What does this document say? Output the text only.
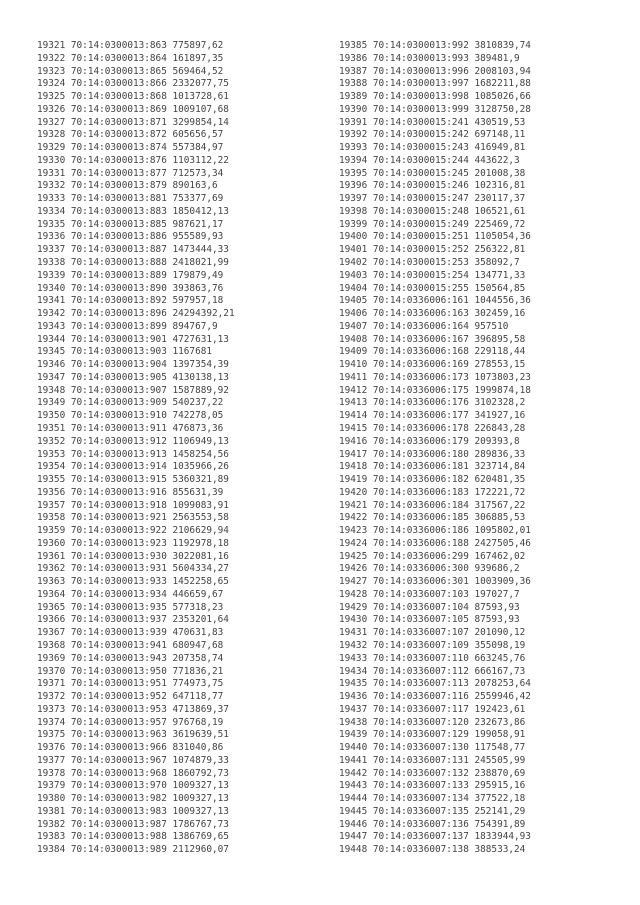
19321 70:14:0300013:863 775897,62
19322 70:14:0300013:864 161897,35
19323 70:14:0300013:865 569464,52
19324 70:14:0300013:866 2332077,75
19325 70:14:0300013:868 1013728,61
19326 70:14:0300013:869 1009107,68
19327 70:14:0300013:871 3299854,14
19328 70:14:0300013:872 605656,57
19329 70:14:0300013:874 557384,97
19330 70:14:0300013:876 1103112,22
19331 70:14:0300013:877 712573,34
19332 70:14:0300013:879 890163,6
19333 70:14:0300013:881 753377,69
19334 70:14:0300013:883 1850412,13
19335 70:14:0300013:885 987621,17
19336 70:14:0300013:886 955589,93
19337 70:14:0300013:887 1473444,33
19338 70:14:0300013:888 2418021,99
19339 70:14:0300013:889 179879,49
19340 70:14:0300013:890 393863,76
19341 70:14:0300013:892 597957,18
19342 70:14:0300013:896 24294392,21
19343 70:14:0300013:899 894767,9
19344 70:14:0300013:901 4727631,13
19345 70:14:0300013:903 1167681
19346 70:14:0300013:904 1397354,39
19347 70:14:0300013:905 4130138,13
19348 70:14:0300013:907 1587889,92
19349 70:14:0300013:909 540237,22
19350 70:14:0300013:910 742278,05
19351 70:14:0300013:911 476873,36
19352 70:14:0300013:912 1106949,13
19353 70:14:0300013:913 1458254,56
19354 70:14:0300013:914 1035966,26
19355 70:14:0300013:915 5360321,89
19356 70:14:0300013:916 855631,39
19357 70:14:0300013:918 1099083,91
19358 70:14:0300013:921 2563553,58
19359 70:14:0300013:922 2106629,94
19360 70:14:0300013:923 1192978,18
19361 70:14:0300013:930 3022081,16
19362 70:14:0300013:931 5604334,27
19363 70:14:0300013:933 1452258,65
19364 70:14:0300013:934 446659,67
19365 70:14:0300013:935 577318,23
19366 70:14:0300013:937 2353201,64
19367 70:14:0300013:939 470631,83
19368 70:14:0300013:941 680947,68
19369 70:14:0300013:943 207358,74
19370 70:14:0300013:950 771836,21
19371 70:14:0300013:951 774973,75
19372 70:14:0300013:952 647118,77
19373 70:14:0300013:953 4713869,37
19374 70:14:0300013:957 976768,19
19375 70:14:0300013:963 3619639,51
19376 70:14:0300013:966 831040,86
19377 70:14:0300013:967 1074879,33
19378 70:14:0300013:968 1860792,73
19379 70:14:0300013:970 1009327,13
19380 70:14:0300013:982 1009327,13
19381 70:14:0300013:983 1009327,13
19382 70:14:0300013:987 1786767,73
19383 70:14:0300013:988 1386769,65
19384 70:14:0300013:989 2112960,07
19385 70:14:0300013:992 3810839,74
19386 70:14:0300013:993 389481,9
19387 70:14:0300013:996 2008103,94
19388 70:14:0300013:997 1682211,88
19389 70:14:0300013:998 1085026,66
19390 70:14:0300013:999 3128750,28
19391 70:14:0300015:241 430519,53
19392 70:14:0300015:242 697148,11
19393 70:14:0300015:243 416949,81
19394 70:14:0300015:244 443622,3
19395 70:14:0300015:245 201008,38
19396 70:14:0300015:246 102316,81
19397 70:14:0300015:247 230117,37
19398 70:14:0300015:248 106521,61
19399 70:14:0300015:249 225469,72
19400 70:14:0300015:251 1105054,36
19401 70:14:0300015:252 256322,81
19402 70:14:0300015:253 358092,7
19403 70:14:0300015:254 134771,33
19404 70:14:0300015:255 150564,85
19405 70:14:0336006:161 1044556,36
19406 70:14:0336006:163 302459,16
19407 70:14:0336006:164 957510
19408 70:14:0336006:167 396895,58
19409 70:14:0336006:168 229118,44
19410 70:14:0336006:169 278553,15
19411 70:14:0336006:173 1073803,23
19412 70:14:0336006:175 1999874,18
19413 70:14:0336006:176 3102328,2
19414 70:14:0336006:177 341927,16
19415 70:14:0336006:178 226843,28
19416 70:14:0336006:179 209393,8
19417 70:14:0336006:180 289836,33
19418 70:14:0336006:181 323714,84
19419 70:14:0336006:182 620481,35
19420 70:14:0336006:183 172221,72
19421 70:14:0336006:184 317567,22
19422 70:14:0336006:185 306885,53
19423 70:14:0336006:186 1095802,01
19424 70:14:0336006:188 2427505,46
19425 70:14:0336006:299 167462,02
19426 70:14:0336006:300 939686,2
19427 70:14:0336006:301 1003909,36
19428 70:14:0336007:103 197027,7
19429 70:14:0336007:104 87593,93
19430 70:14:0336007:105 87593,93
19431 70:14:0336007:107 201090,12
19432 70:14:0336007:109 355098,19
19433 70:14:0336007:110 663245,76
19434 70:14:0336007:112 666167,73
19435 70:14:0336007:113 2078253,64
19436 70:14:0336007:116 2559946,42
19437 70:14:0336007:117 192423,61
19438 70:14:0336007:120 232673,86
19439 70:14:0336007:129 199058,91
19440 70:14:0336007:130 117548,77
19441 70:14:0336007:131 245505,99
19442 70:14:0336007:132 238870,69
19443 70:14:0336007:133 295915,16
19444 70:14:0336007:134 377522,18
19445 70:14:0336007:135 252141,29
19446 70:14:0336007:136 754391,89
19447 70:14:0336007:137 1833944,93
19448 70:14:0336007:138 388533,24
